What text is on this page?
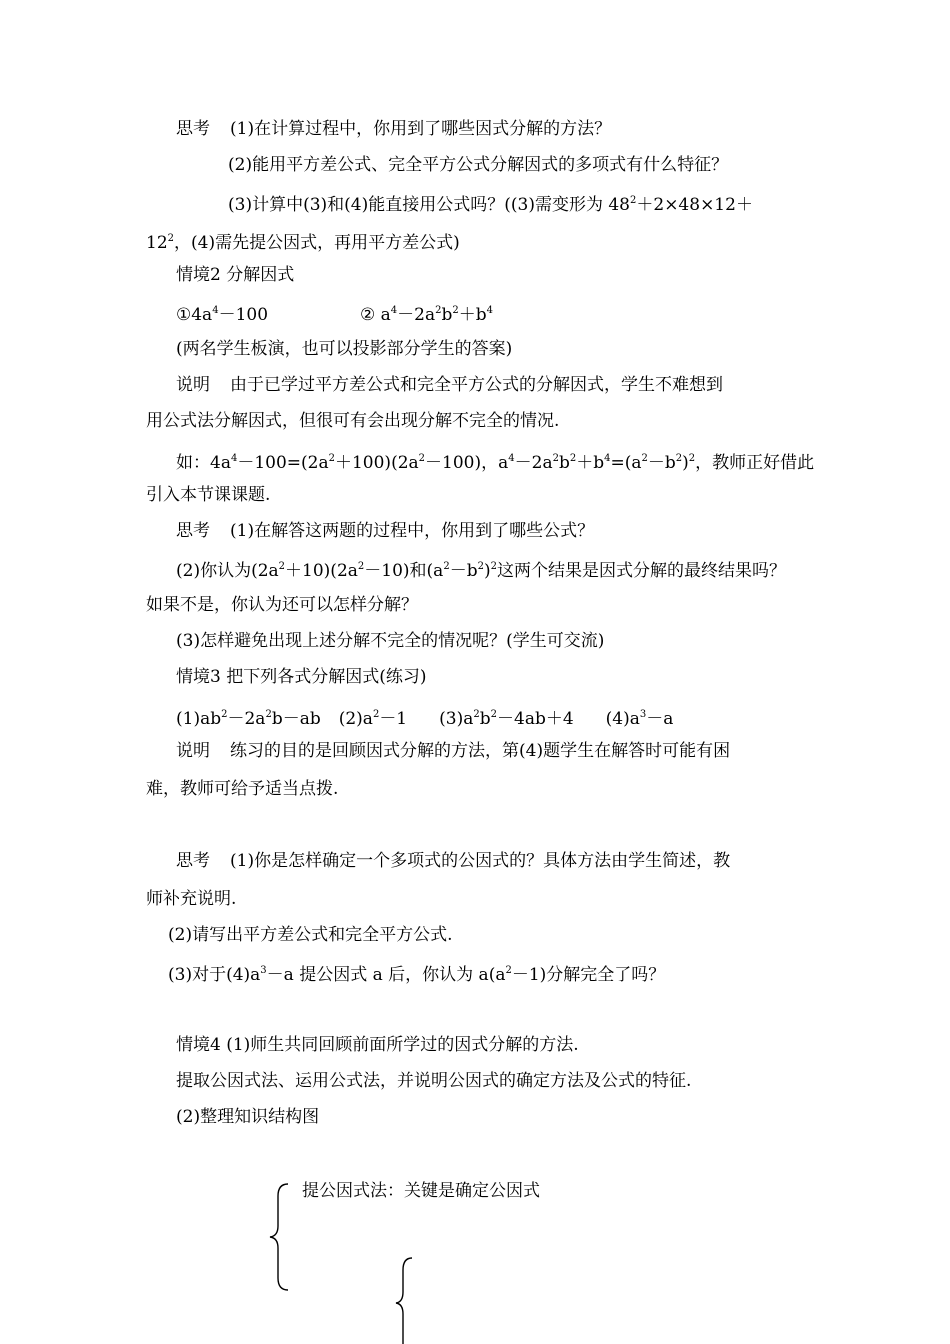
思考 (1)在计算过程中，你用到了哪些因式分解的方法？
(2)能用平方差公式、完全平方公式分解因式的多项式有什么特征？
(3)计算中(3)和(4)能直接用公式吗？((3)需变形为 $48^2+2\times 48\times 12+$
$12^2$，(4)需先提公因式，再用平方差公式)
情境2 分解因式
$①4a^4-100$	② $a^4-2a^2b^2+b^4$
(两名学生板演，也可以投影部分学生的答案)
说明 由于已学过平方差公式和完全平方公式的分解因式，学生不难想到
用公式法分解因式，但很可有会出现分解不完全的情况.
如：$4a^4-100=(2a^2+100)(2a^2-100)$，$a^4-2a^2b^2+b^4=(a^2-b^2)^2$，教师正好借此
引入本节课课题.
思考 (1)在解答这两题的过程中，你用到了哪些公式？
(2)你认为$(2a^2+10)(2a^2-10)$和$(a^2-b^2)^2$这两个结果是因式分解的最终结果吗？
如果不是，你认为还可以怎样分解？
(3)怎样避免出现上述分解不完全的情况呢？(学生可交流)
情境3 把下列各式分解因式(练习)
$(1)ab^2-2a^2b-ab$ $(2)a^2-1$ $(3)a^2b^2-4ab+4$ $(4)a^3-a$
说明 练习的目的是回顾因式分解的方法，第(4)题学生在解答时可能有困
难，教师可给予适当点拨.
思考 (1)你是怎样确定一个多项式的公因式的？具体方法由学生简述，教
师补充说明.
(2)请写出平方差公式和完全平方公式.
(3)对于$(4)a^3-a$ 提公因式 a 后，你认为 $a(a^2-1)$分解完全了吗？
情境4 (1)师生共同回顾前面所学过的因式分解的方法.
提取公因式法、运用公式法，并说明公因式的确定方法及公式的特征.
(2)整理知识结构图
提公因式法：关键是确定公因式
